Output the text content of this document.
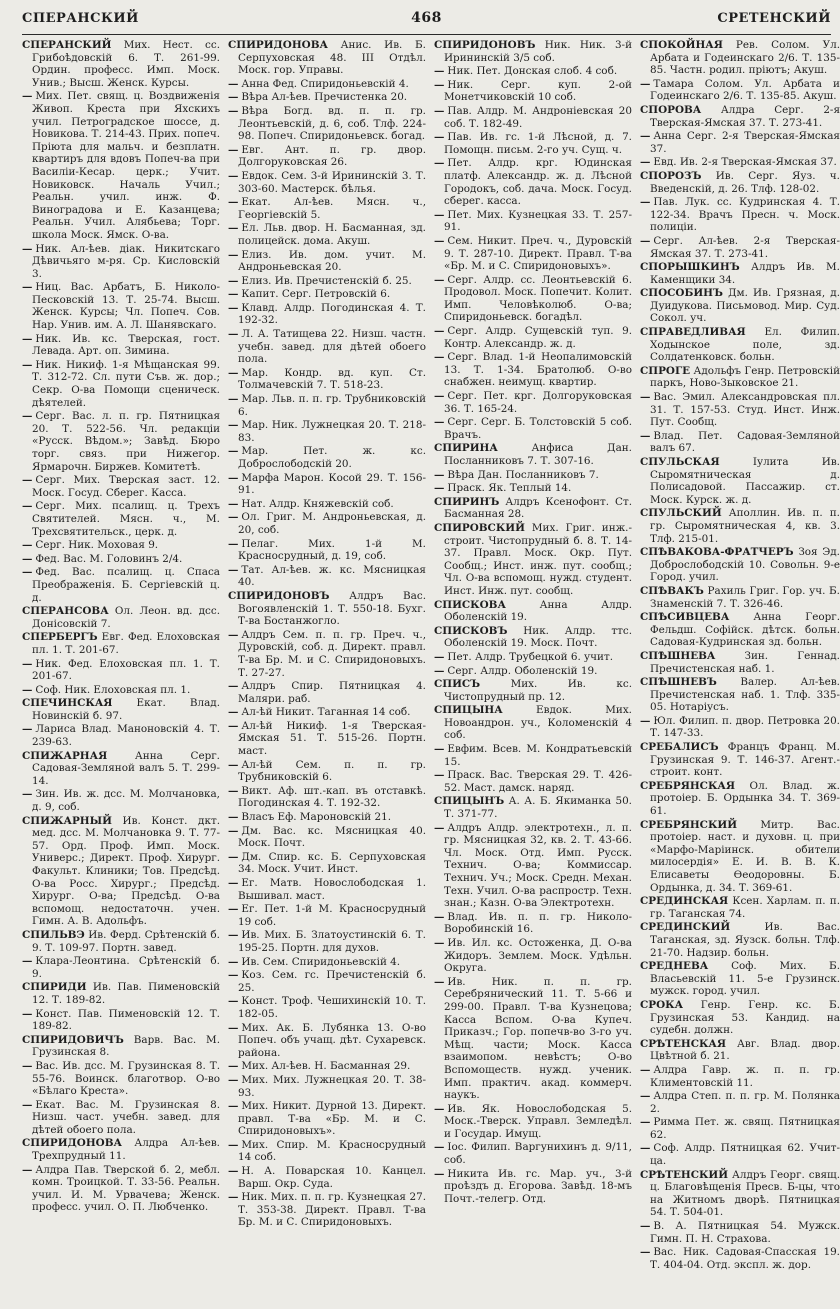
СПЕРАНСКИЙ	468	СРЕТЕНСКИЙ

СПЕРАНСКИЙ Мих. Нест. сс. Грибоѣдовскій 6. Т. 261-99. Ордин. професс. Имп. Моск. Унив.; Высш. Женск. Курсы.

— Мих. Пет. свящ. ц. Воздвиженія Живоп. Креста при Яхскихъ учил. Петроградское шоссе, д. Новикова. Т. 214-43. Прих. попеч. Пріюта для мальч. и безплатн. квартиръ для вдовъ Попеч-ва при Василіи-Кесар. церк.; Учит. Новиковск. Началь Учил.; Реальн. учил. инж. Ф. Виноградова и Е. Казанцева; Реальн. Учил. Алябьева; Торг. школа Моск. Ямск. О-ва.

— Ник. Ал-ѣев. діак. Никитскаго Дѣвичьяго м-ря. Ср. Кисловскій 3.

— Ниц. Вас. Арбатъ, Б. Николо-Песковскій 13. Т. 25-74. Высш. Женск. Курсы; Чл. Попеч. Сов. Нар. Унив. им. А. Л. Шанявскаго.

— Ник. Ив. кс. Тверская, гост. Левада. Арт. оп. Зимина.

— Ник. Никиф. 1-я Мѣщанская 99. Т. 312-72. Сл. пути Съв. ж. дор.; Секр. О-ва Помощи сценическ. дѣятелей.

— Серг. Вас. л. п. гр. Пятницкая 20. Т. 522-56. Чл. редакціи «Русск. Вѣдом.»; Завѣд. Бюро торг. связ. при Нижегор. Ярмарочн. Биржев. Комитетѣ.

— Серг. Мих. Тверская заст. 12. Моск. Госуд. Сберег. Касса.

— Серг. Мих. псалищ. ц. Трехъ Святителей. Мясн. ч., М. Трехсвятительск., церк. д.

— Серг. Ник. Моховая 9.

— Фед. Вас. М. Головинъ 2/4.

— Фед. Вас. псалищ. ц. Спаса Преображенія. Б. Сергіевскій ц. д.

СПЕРАНСОВА Ол. Леон. вд. дсс. Донісовскій 7.

СПЕРБЕРГЪ Евг. Фед. Елоховская пл. 1. Т. 201-67.

— Ник. Фед. Елоховская пл. 1. Т. 201-67.

— Соф. Ник. Елоховская пл. 1.

СПЕЧИНСКАЯ Екат. Влад. Новинскій б. 97.

— Лариса Влад. Маноновскій 4. Т. 239-63.

СПИЖАРНАЯ	Анна Серг. Садовая-Земляной валъ 5. Т. 299-14.

— Зин. Ив. ж. дсс. М. Молчановка, д. 9, соб.

СПИЖАРНЫЙ Ив. Конст. дкт. мед. дсс. М. Молчановка 9. Т. 77-57. Орд. Проф. Имп. Моск. Универс.; Директ. Проф. Хирург. Факульт. Клиники; Тов. Предсѣд. О-ва Росс. Хирург.; Предсѣд. Хирург. О-ва; Предсѣд. О-ва вспомощ. недостаточн. учен. Гимн. А. В. Адольфъ.

СПИЛЬВЭ Ив. Ферд. Срѣтенскій б. 9. Т. 109-97. Портн. завед.

— Клара-Леонтина. Срѣтенскій б. 9.

СПИРИДИ Ив. Пав. Пименовскій 12. Т. 189-82.

— Конст. Пав. Пименовскій 12. Т. 189-82.

СПИРИДОВИЧЪ Варв. Вас. М. Грузинская 8.

— Вас. Ив. дсс. М. Грузинская 8. Т. 55-76. Воинск. благотвор. О-во «Бѣлаго Креста».

— Екат. Вас. М. Грузинская 8. Низш. част. учебн. завед. для дѣтей обоего пола.

СПИРИДОНОВА Алдра Ал-ѣев. Трехпрудный 11.

— Алдра Пав. Тверской б. 2, мебл. комн. Троицкой. Т. 33-56. Реальн. учил. И. М. Урвачева; Женск. професс. учил. О. П. Любченко.

СПИРИДОНОВА Анис. Ив. Б. Серпуховская 48. III Отдѣл. Моск. гор. Управы.

— Анна Фед. Спиридоньевскій 4.

— Вѣра Ал-ѣев. Пречистенка 20.

— Вѣра Богд. вд. п. п. гр. Леонтьевскій, д. 6, соб. Тлф. 224-98. Попеч. Спиридоньевск. богад.

— Евг. Ант. п. гр. двор. Долгоруковская 26.

— Евдок. Сем. 3-й Ирининскій 3. Т. 303-60. Мастерск. бѣлья.

— Екат. Ал-ѣев. Мясн. ч., Георгіевскій 5.

— Ел. Льв. двор. Н. Басманная, зд. полицейск. дома. Акуш.

— Елиз. Ив. дом. учит. М. Андроньевская 20.

— Елиз. Ив. Пречистенскій б. 25.

— Капит. Серг. Петровскій 6.

— Клавд. Алдр. Погодинская 4. Т. 192-32.

— Л. А. Татищева 22. Низш. частн. учебн. завед. для дѣтей обоего пола.

— Мар. Кондр. вд. куп. Ст. Толмачевскій 7. Т. 518-23.

— Мар. Льв. п. п. гр. Трубниковскій 6.

— Мар. Ник. Лужнецкая 20. Т. 218-83.

— Мар. Пет. ж. кс. Доброслободскій 20.

— Марфа Марон. Косой 29. Т. 156-91.

— Нат. Алдр. Княжевскій соб.

— Ол. Григ. М. Андроньевская, д. 20, соб.

— Пелаг. Мих. 1-й М. Красносрудный, д. 19, соб.

— Тат. Ал-ѣев. ж. кс. Мясницкая 40.

СПИРИДОНОВЪ Алдръ Вас. Вогоявленскій 1. Т. 550-18. Бухг. Т-ва Бостанжогло.

— Алдръ Сем. п. п. гр. Преч. ч., Дуровскій, соб. д. Директ. правл. Т-ва Бр. М. и С. Спиридоновыхъ. Т. 27-27.

— Алдръ Спир. Пятницкая 4. Маляри. раб.

— Ал-ѣй Никит. Таганная 14 соб.

— Ал-ѣй Никиф. 1-я Тверская-Ямская 51. Т. 515-26. Портн. маст.

— Ал-ѣй Сем. п. п. гр. Трубниковскій 6.

— Викт. Аф. шт.-кап. въ отставкѣ. Погодинская 4. Т. 192-32.

— Власъ Еф. Мароновскій 21.

— Дм. Вас. кс. Мясницкая 40. Моск. Почт.

— Дм. Спир. кс. Б. Серпуховская 34. Моск. Учит. Инст.

— Ег. Матв. Новослободская 1. Вышивал. маст.

— Ег. Пет. 1-й М. Красносрудный 19 соб.

— Ив. Мих. Б. Златоустинскій 6. Т. 195-25. Портн. для духов.

— Ив. Сем. Спиридоньевскій 4.

— Коз. Сем. гс. Пречистенскій б. 25.

— Конст. Троф. Чешихинскій 10. Т. 182-05.

— Мих. Ак. Б. Лубянка 13. О-во Попеч. объ учащ. дѣт. Сухаревск. района.

— Мих. Ал-ѣев. Н. Басманная 29.

— Мих. Мих. Лужнецкая 20. Т. 38-93.

— Мих. Никит. Дурной 13. Директ. правл. Т-ва «Бр. М. и С. Спиридоновыхъ».

— Мих. Спир. М. Красносрудный 14 соб.

— Н. А. Поварская 10. Канцел. Варш. Окр. Суда.

— Ник. Мих. п. п. гр. Кузнецкая 27. Т. 353-38. Директ. Правл. Т-ва Бр. М. и С. Спиридоновыхъ.

СПИРИДОНОВЪ Ник. Ник. 3-й Ирининскій 3/5 соб.

— Ник. Пет. Донская слоб. 4 соб.

— Ник. Серг. куп. 2-ой Монетчиковскій 10 соб.

— Пав. Алдр. М. Андроніевская 20 соб. Т. 182-49.

— Пав. Ив. гс. 1-й Лѣсной, д. 7. Помощн. письм. 2-го уч. Сущ. ч.

— Пет. Алдр. крг. Юдинская платф. Александр. ж. д. Лѣсной Городокъ, соб. дача. Моск. Госуд. сберег. касса.

— Пет. Мих. Кузнецкая 33. Т. 257-91.

— Сем. Никит. Преч. ч., Дуровскій 9. Т. 287-10. Директ. Правл. Т-ва «Бр. М. и С. Спиридоновыхъ».

— Серг. Алдр. сс. Леонтьевскій 6. Продовол. Моск. Попечит. Колит. Имп. Человѣколюб. О-ва; Спиридоньевск. богадѣл.

— Серг. Алдр. Сущевскій туп. 9. Контр. Александр. ж. д.

— Серг. Влад. 1-й Неопалимовскій 13. Т. 1-34. Братолюб. О-во снабжен. неимущ. квартир.

— Серг. Пет. крг. Долгоруковская 36. Т. 165-24.

— Серг. Серг. Б. Толстовскій 5 соб. Врачъ.

СПИРИНА	Анфиса Дан. Посланниковъ 7. Т. 307-16.

— Вѣра Дан. Посланниковъ 7.

— Праск. Як. Теплый 14.

СПИРИНЪ Алдръ Ксенофонт. Ст. Басманная 28.

СПИРОВСКИЙ Мих. Григ. инж.-строит. Чистопрудный б. 8. Т. 14-37. Правл. Моск. Окр. Пут. Сообщ.; Инст. инж. пут. сообщ.; Чл. О-ва вспомощ. нужд. студент. Инст. Инж. пут. сообщ.

СПИСКОВА	Анна Алдр. Оболенскій 19.

СПИСКОВЪ Ник. Алдр. ттс. Оболенскій 19. Моск. Почт.

— Пет. Алдр. Трубецкой 6. учит.

— Серг. Алдр. Оболенскій 19.

СПИСЪ	Мих. Ив. кс. Чистопрудный пр. 12.

СПИЦЫНА	Евдок. Мих. Новоандрон. уч., Коломенскій 4 соб.

— Евфим. Всев. М. Кондратьевскій 15.

— Праск. Вас. Тверская 29. Т. 426-52. Маст. дамск. наряд.

СПИЦЫНЪ А. А. Б. Якиманка 50. Т. 371-77.

— Алдръ Алдр. электротехн., л. п. гр. Мясницкая 32, кв. 2. Т. 43-66. Чл. Моск. Отд. Имп. Русск. Технич. О-ва; Коммиссар. Технич. Уч.; Моск. Средн. Механ. Техн. Учил. О-ва распростр. Техн. знан.; Казн. О-ва Электротехн.

— Влад. Ив. п. п. гр. Николо-Воробинскій 16.

— Ив. Ил. кс. Остоженка, Д. О-ва Жидоръ. Землем. Моск. Удѣльн. Округа.

— Ив. Ник. п. п. гр. Серебрянический 11. Т. 5-66 и 299-00. Правл. Т-ва Кузнецова; Касса Вспом. О-ва Купеч. Приказч.; Гор. попечв-во 3-го уч. Мѣщ. части; Моск. Касса взаимопом. невѣстъ; О-во Вспомоществ. нужд. ученик. Имп. практич. акад. коммерч. наукъ.

— Ив. Як. Новослободская 5. Моск.-Тверск. Управл. Земледѣл. и Государ. Имущ.

— Іос. Филип. Варгунихинъ д. 9/11, соб.

— Никита Ив. гс. Мар. уч., 3-й проѣздъ д. Егорова. Завѣд. 18-мъ Почт.-телегр. Отд.

СПОКОЙНАЯ Рев. Солом. Ул. Арбата и Годеинскаго 2/6. Т. 135-85. Частн. родил. пріютъ; Акуш.

— Тамара Солом. Ул. Арбата и Годеинскаго 2/6. Т. 135-85. Акуш.

СПОРОВА Алдра Серг. 2-я Тверская-Ямская 37. Т. 273-41.

— Анна Серг. 2-я Тверская-Ямская 37.

— Евд. Ив. 2-я Тверская-Ямская 37.

СПОРОЗЪ Ив. Серг. Яуз. ч. Введенскій, д. 26. Тлф. 128-02.

— Пав. Лук. сс. Кудринская 4. Т. 122-34. Врачъ Пресн. ч. Моск. полиціи.

— Серг. Ал-ѣев. 2-я Тверская-Ямская 37. Т. 273-41.

СПОРЫШКИНЪ Алдръ Ив. М. Каменщики 34.

СПОСОБИНЪ Дм. Ив. Грязная, д. Дуидукова. Письмовод. Мир. Суд. Сокол. уч.

СПРАВЕДЛИВАЯ Ел. Филип. Ходынское поле, зд. Солдатенковск. больн.

СПРОГЕ Адольфъ Генр. Петровскій паркъ, Ново-Зыковское 21.

— Вас. Эмил. Александровская пл. 31. Т. 157-53. Студ. Инст. Инж. Пут. Сообщ.

— Влад. Пет. Садовая-Земляной валъ 67.

СПУЛЬСКАЯ	Іулита Ив. Сыромятническая д. Полисадовой. Пассажир. ст. Моск. Курск. ж. д.

СПУЛЬСКИЙ Аполлин. Ив. п. п. гр. Сыромятническая 4, кв. 3. Тлф. 215-01.

СПѢВАКОВА-ФРАТЧЕРЪ Зоя Эд. Доброслободскій 10. Совольн. 9-е Город. учил.

СПѢВАКЪ Рахиль Григ. Гор. уч. Б. Знаменскій 7. Т. 326-46.

СПѢСИВЦЕВА Анна Георг. Фельдш. Софійск. дѣтск. больн. Садовая-Кудринская зд. больн.

СПѢШНЕВА	Зин. Геннад. Пречистенская наб. 1.

СПѢШНЕВЪ Валер. Ал-ѣев. Пречистенская наб. 1. Тлф. 335-05. Нотаріусъ.

— Юл. Филип. п. двор. Петровка 20. Т. 147-33.

СРЕБАЛИСЪ Францъ Франц. М. Грузинская 9. Т. 146-37. Агент.-строит. конт.

СРЕБРЯНСКАЯ Ол. Влад. ж. протоіер. Б. Ордынка 34. Т. 369-61.

СРЕБРЯНСКИЙ Митр. Вас. протоіер. наст. и духовн. ц. при «Марфо-Маріинск. обители милосердія» Е. И. В. В. К. Елисаветы Ѳеодоровны. Б. Ордынка, д. 34. Т. 369-61.

СРЕДИНСКАЯ Ксен. Харлам. п. п. гр. Таганская 74.

СРЕДИНСКИЙ	Ив. Вас. Таганская, зд. Яузск. больн. Тлф. 21-70. Надзир. больн.

СРЕДНЕВА Соф. Мих. Б. Власьевскій 11. 5-е Грузинск. мужск. город. учил.

СРОКА Генр. Генр. кс. Б. Грузинская 53. Кандид. на судебн. должн.

СРѢТЕНСКАЯ Авг. Влад. двор. Цвѣтной б. 21.

— Алдра Гавр. ж. п. п. гр. Климентовскій 11.

— Алдра Степ. п. п. гр. М. Полянка 2.

— Римма Пет. ж. свящ. Пятницкая 62.

— Соф. Алдр. Пятницкая 62. Учит-ца.

СРѢТЕНСКИЙ Алдръ Георг. свящ. ц. Благовѣщенія Пресв. Б-цы, что на Житномъ дворѣ. Пятницкая 54. Т. 504-01.

— В. А. Пятницкая 54. Мужск. Гимн. П. Н. Страхова.

— Вас. Ник. Садовая-Спасская 19. Т. 404-04. Отд. экспл. ж. дор.
